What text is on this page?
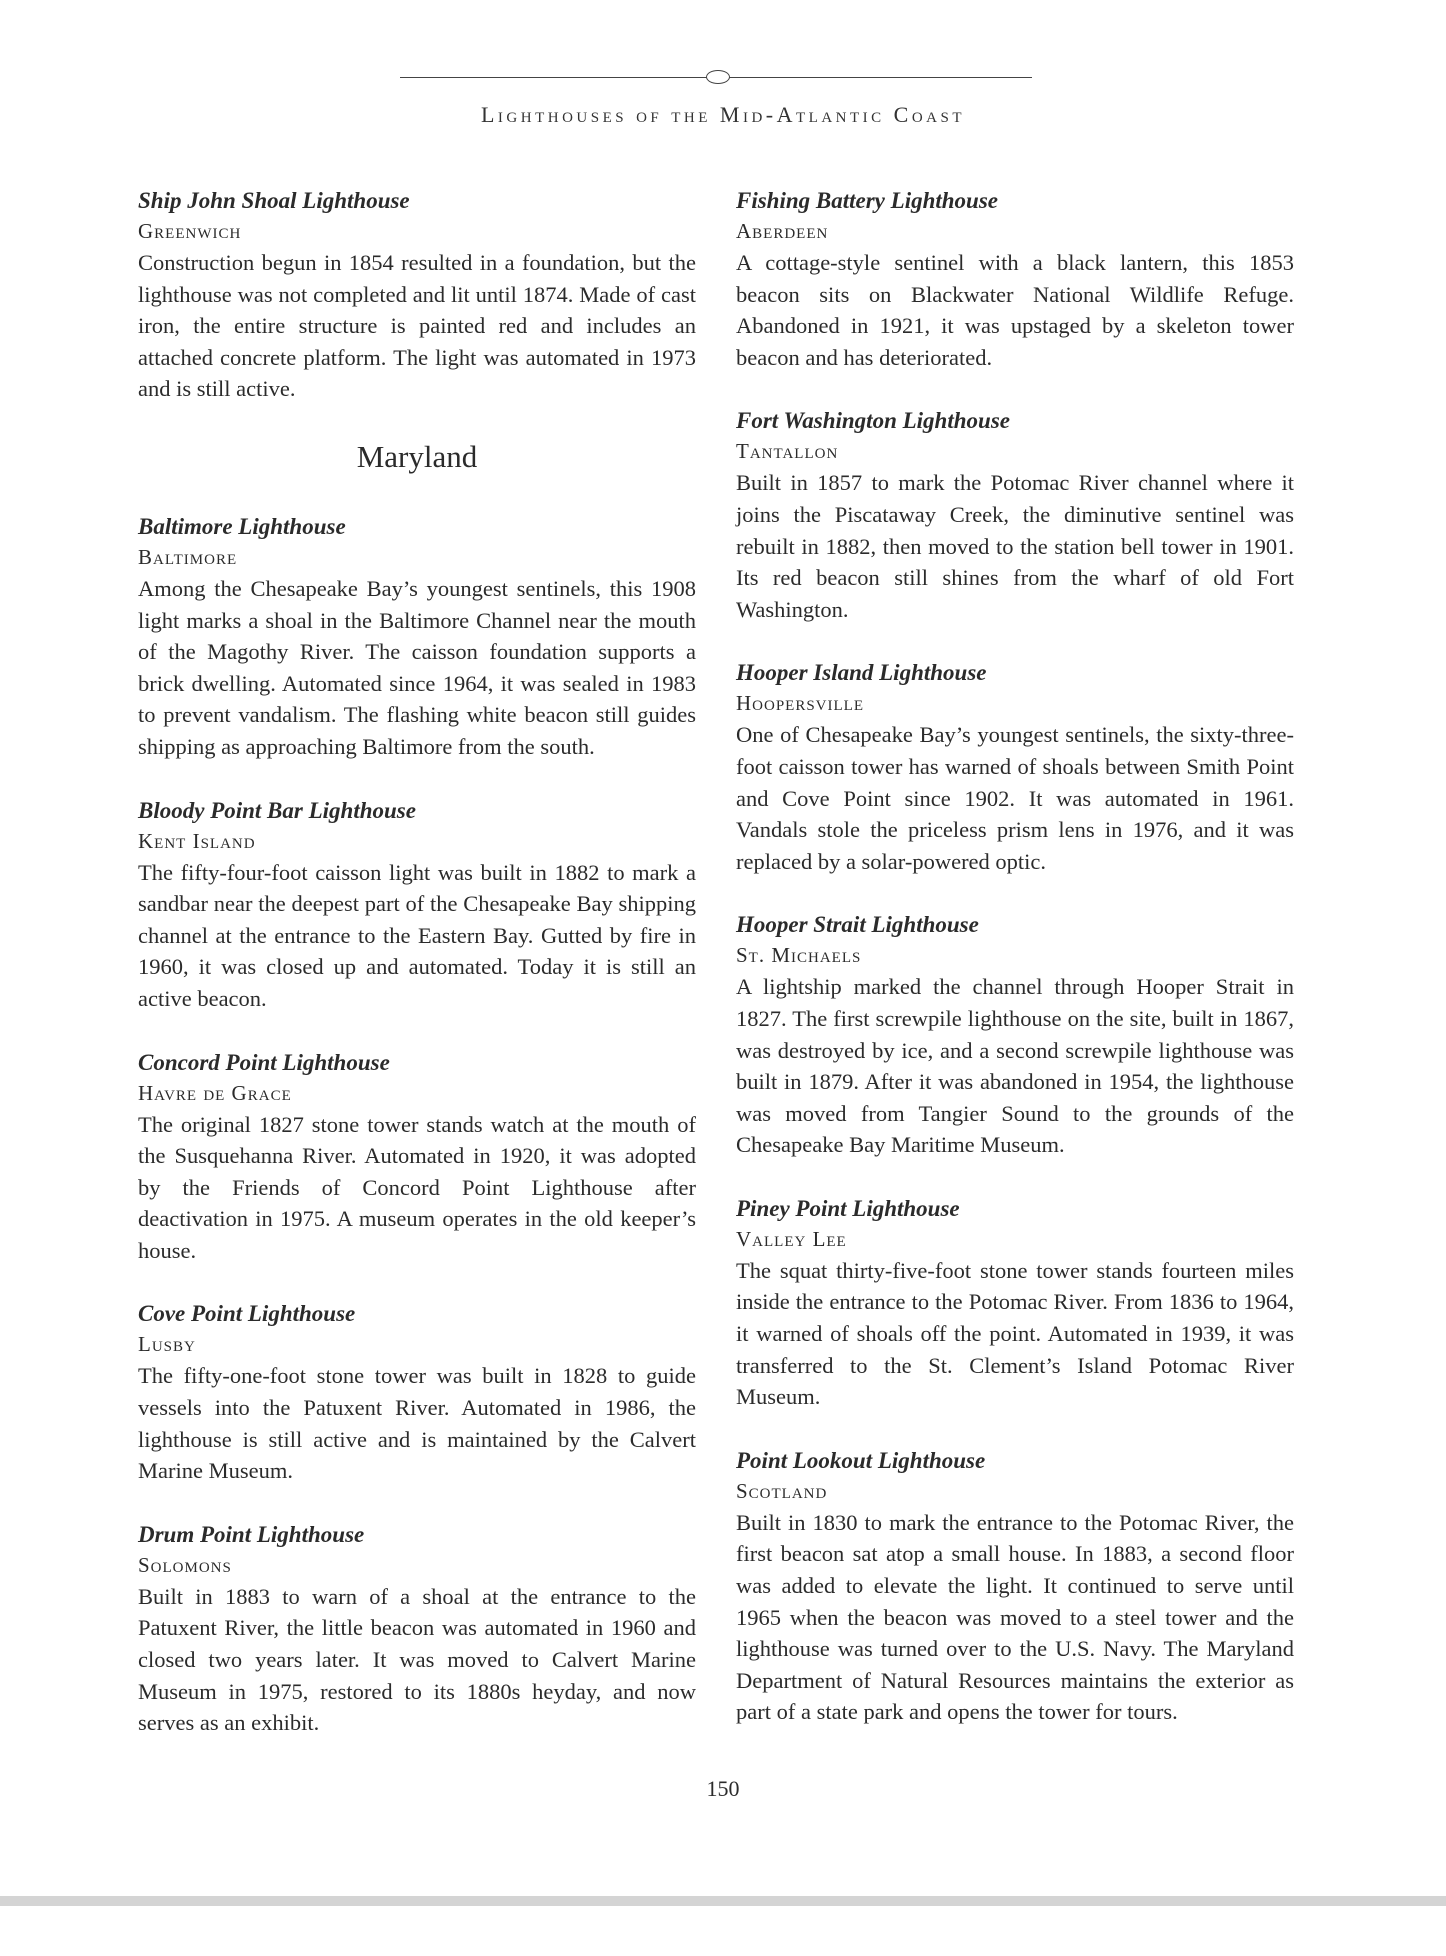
Lighthouses of the Mid-Atlantic Coast
Ship John Shoal Lighthouse
Greenwich

Construction begun in 1854 resulted in a foundation, but the lighthouse was not completed and lit until 1874. Made of cast iron, the entire structure is painted red and includes an attached concrete platform. The light was automated in 1973 and is still active.

Maryland
Baltimore Lighthouse
Baltimore

Among the Chesapeake Bay’s youngest sentinels, this 1908 light marks a shoal in the Baltimore Channel near the mouth of the Magothy River. The caisson foundation supports a brick dwelling. Automated since 1964, it was sealed in 1983 to prevent vandalism. The flashing white beacon still guides shipping as approaching Baltimore from the south.

Bloody Point Bar Lighthouse
Kent Island

The fifty-four-foot caisson light was built in 1882 to mark a sandbar near the deepest part of the Chesapeake Bay shipping channel at the entrance to the Eastern Bay. Gutted by fire in 1960, it was closed up and automated. Today it is still an active beacon.

Concord Point Lighthouse
Havre de Grace

The original 1827 stone tower stands watch at the mouth of the Susquehanna River. Automated in 1920, it was adopted by the Friends of Concord Point Lighthouse after deactivation in 1975. A museum operates in the old keeper’s house.

Cove Point Lighthouse
Lusby

The fifty-one-foot stone tower was built in 1828 to guide vessels into the Patuxent River. Automated in 1986, the lighthouse is still active and is maintained by the Calvert Marine Museum.

Drum Point Lighthouse
Solomons

Built in 1883 to warn of a shoal at the entrance to the Patuxent River, the little beacon was automated in 1960 and closed two years later. It was moved to Calvert Marine Museum in 1975, restored to its 1880s heyday, and now serves as an exhibit.

Fishing Battery Lighthouse
Aberdeen

A cottage-style sentinel with a black lantern, this 1853 beacon sits on Blackwater National Wildlife Refuge. Abandoned in 1921, it was upstaged by a skeleton tower beacon and has deteriorated.

Fort Washington Lighthouse
Tantallon

Built in 1857 to mark the Potomac River channel where it joins the Piscataway Creek, the diminutive sentinel was rebuilt in 1882, then moved to the station bell tower in 1901. Its red beacon still shines from the wharf of old Fort Washington.

Hooper Island Lighthouse
Hoopersville

One of Chesapeake Bay’s youngest sentinels, the sixty-three-foot caisson tower has warned of shoals between Smith Point and Cove Point since 1902. It was automated in 1961. Vandals stole the priceless prism lens in 1976, and it was replaced by a solar-powered optic.

Hooper Strait Lighthouse
St. Michaels

A lightship marked the channel through Hooper Strait in 1827. The first screwpile lighthouse on the site, built in 1867, was destroyed by ice, and a second screwpile lighthouse was built in 1879. After it was abandoned in 1954, the lighthouse was moved from Tangier Sound to the grounds of the Chesapeake Bay Maritime Museum.

Piney Point Lighthouse
Valley Lee

The squat thirty-five-foot stone tower stands fourteen miles inside the entrance to the Potomac River. From 1836 to 1964, it warned of shoals off the point. Automated in 1939, it was transferred to the St. Clement’s Island Potomac River Museum.

Point Lookout Lighthouse
Scotland

Built in 1830 to mark the entrance to the Potomac River, the first beacon sat atop a small house. In 1883, a second floor was added to elevate the light. It continued to serve until 1965 when the beacon was moved to a steel tower and the lighthouse was turned over to the U.S. Navy. The Maryland Department of Natural Resources maintains the exterior as part of a state park and opens the tower for tours.

150
